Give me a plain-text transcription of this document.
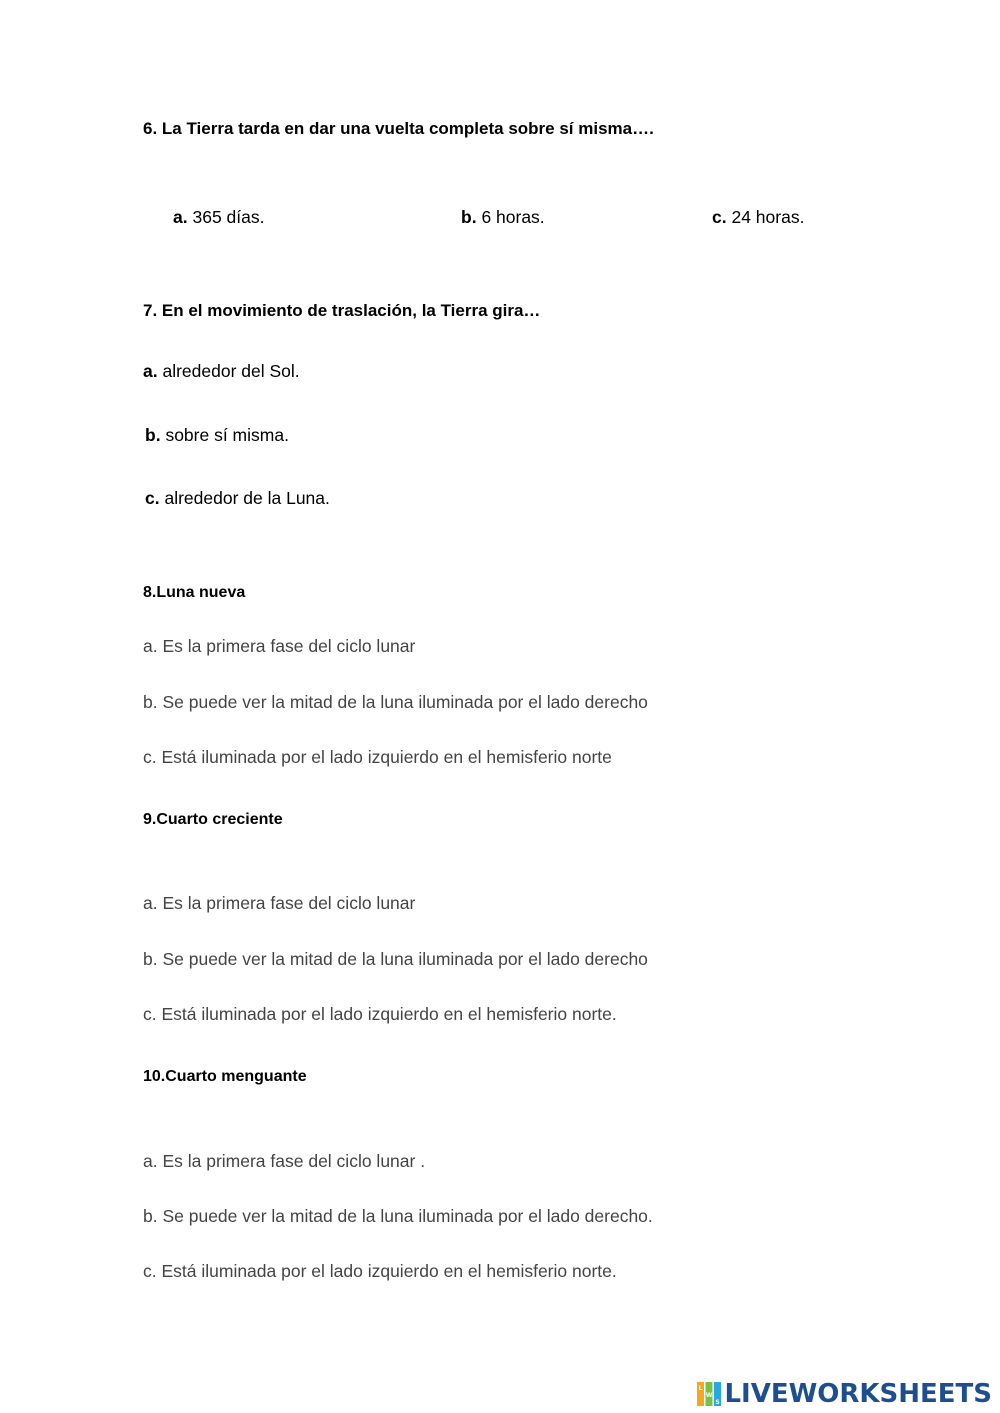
6. La Tierra tarda en dar una vuelta completa sobre sí misma….
a. 365 días.	b. 6 horas.	c. 24 horas.
7. En el movimiento de traslación, la Tierra gira…
a. alrededor del Sol.
b. sobre sí misma.
c. alrededor de la Luna.
8.Luna nueva
a. Es la primera fase del ciclo lunar
b. Se puede ver la mitad de la luna iluminada por el lado derecho
c. Está iluminada por el lado izquierdo en el hemisferio norte
9.Cuarto creciente
a. Es la primera fase del ciclo lunar
b. Se puede ver la mitad de la luna iluminada por el lado derecho
c. Está iluminada por el lado izquierdo en el hemisferio norte.
10.Cuarto menguante
a. Es la primera fase del ciclo lunar .
b. Se puede ver la mitad de la luna iluminada por el lado derecho.
c. Está iluminada por el lado izquierdo en el hemisferio norte.
L
W
S LIVEWORKSHEETS
